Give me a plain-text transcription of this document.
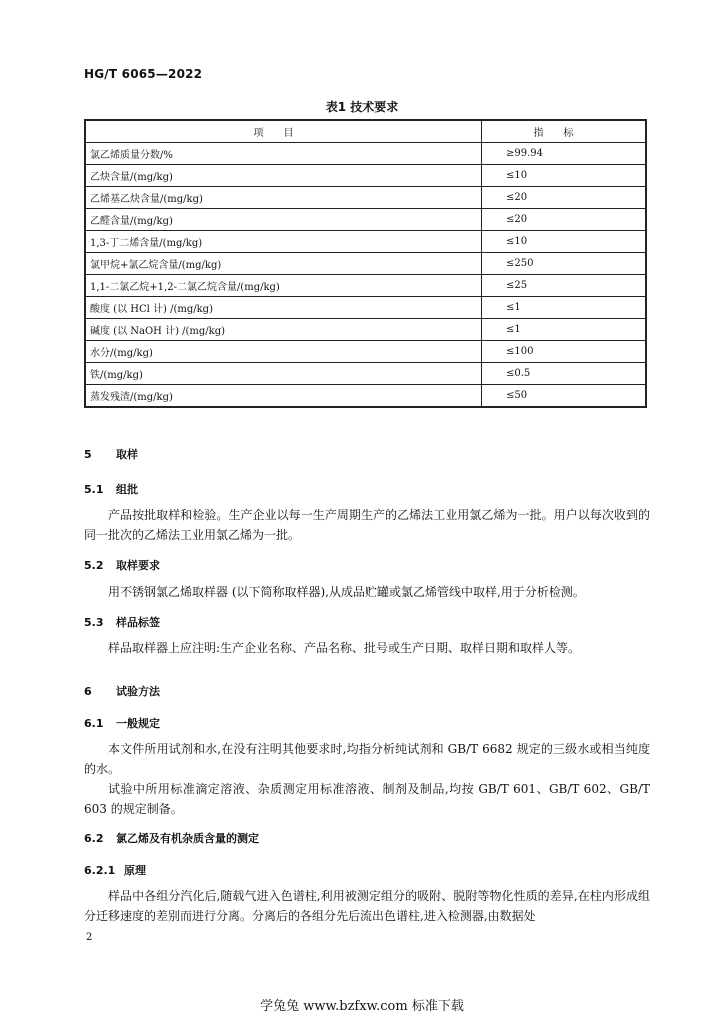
HG/T 6065—2022
表1 技术要求
项目	指标
氯乙烯质量分数/%	≥99.94
乙炔含量/(mg/kg)	≤10
乙烯基乙炔含量/(mg/kg)	≤20
乙醛含量/(mg/kg)	≤20
1,3-丁二烯含量/(mg/kg)	≤10
氯甲烷+氯乙烷含量/(mg/kg)	≤250
1,1-二氯乙烷+1,2-二氯乙烷含量/(mg/kg)	≤25
酸度 (以 HCl 计) /(mg/kg)	≤1
碱度 (以 NaOH 计) /(mg/kg)	≤1
水分/(mg/kg)	≤100
铁/(mg/kg)	≤0.5
蒸发残渣/(mg/kg)	≤50
5 取样
5.1 组批
产品按批取样和检验。生产企业以每一生产周期生产的乙烯法工业用氯乙烯为一批。用户以每次收到的同一批次的乙烯法工业用氯乙烯为一批。
5.2 取样要求
用不锈钢氯乙烯取样器 (以下简称取样器),从成品贮罐或氯乙烯管线中取样,用于分析检测。
5.3 样品标签
样品取样器上应注明:生产企业名称、产品名称、批号或生产日期、取样日期和取样人等。
6 试验方法
6.1 一般规定
本文件所用试剂和水,在没有注明其他要求时,均指分析纯试剂和 GB/T 6682 规定的三级水或相当纯度的水。
试验中所用标准滴定溶液、杂质测定用标准溶液、制剂及制品,均按 GB/T 601、GB/T 602、GB/T 603 的规定制备。
6.2 氯乙烯及有机杂质含量的测定
6.2.1 原理
样品中各组分汽化后,随载气进入色谱柱,利用被测定组分的吸附、脱附等物化性质的差异,在柱内形成组分迁移速度的差别而进行分离。分离后的各组分先后流出色谱柱,进入检测器,由数据处
2
学兔兔 www.bzfxw.com 标准下载
